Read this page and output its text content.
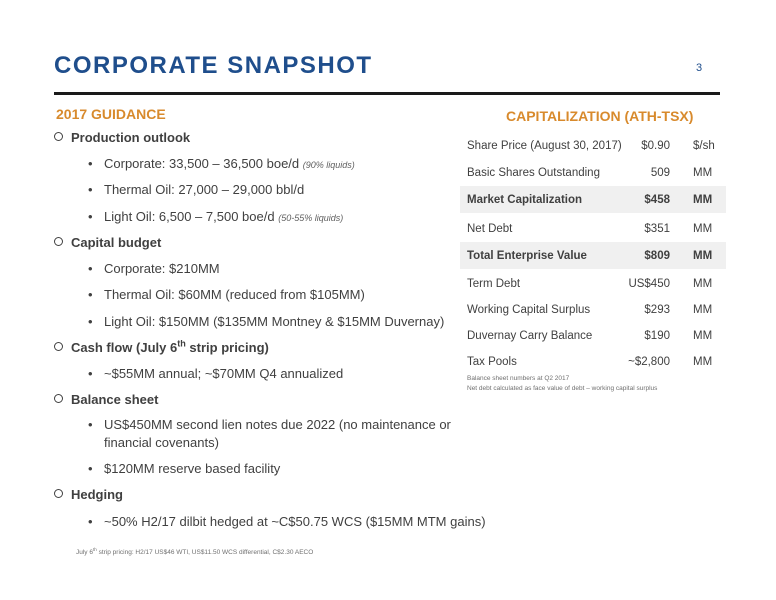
CORPORATE SNAPSHOT	3
2017 GUIDANCE
Production outlook
• Corporate: 33,500 – 36,500 boe/d (90% liquids)
• Thermal Oil: 27,000 – 29,000 bbl/d
• Light Oil: 6,500 – 7,500 boe/d (50-55% liquids)
Capital budget
• Corporate: $210MM
• Thermal Oil: $60MM (reduced from $105MM)
• Light Oil: $150MM ($135MM Montney & $15MM Duvernay)
Cash flow (July 6th strip pricing)
• ~$55MM annual; ~$70MM Q4 annualized
Balance sheet
• US$450MM second lien notes due 2022 (no maintenance or
financial covenants)
• $120MM reserve based facility
Hedging
• ~50% H2/17 dilbit hedged at ~C$50.75 WCS ($15MM MTM gains)
CAPITALIZATION (ATH-TSX)
Share Price (August 30, 2017) $0.90 $/sh
Basic Shares Outstanding	509 MM
Market Capitalization	$458 MM
Net Debt	$351 MM
Total Enterprise Value	$809 MM
Term Debt	US$450 MM
Working Capital Surplus	$293 MM
Duvernay Carry Balance	$190 MM
Tax Pools	~$2,800 MM
Balance sheet numbers at Q2 2017
Net debt calculated as face value of debt – working capital surplus
July 6th strip pricing: H2/17 US$46 WTI, US$11.50 WCS differential, C$2.30 AECO
